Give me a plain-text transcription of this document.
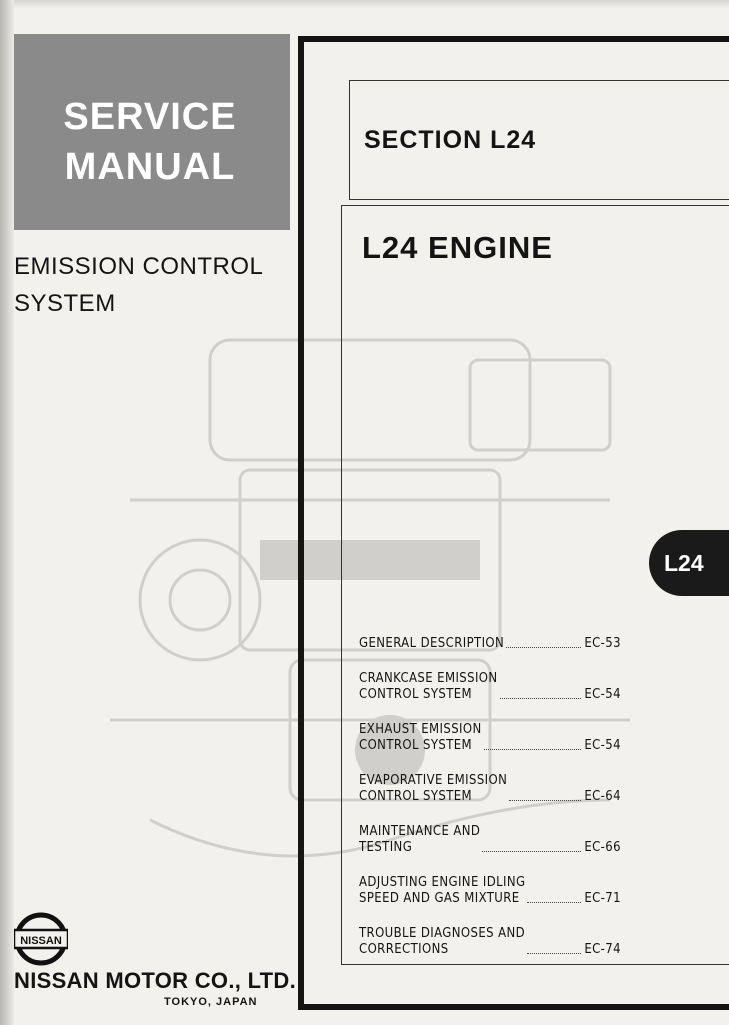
SERVICE
MANUAL
EMISSION CONTROL
SYSTEM
NISSAN
NISSAN MOTOR CO., LTD.
TOKYO, JAPAN
SECTION L24
L24 ENGINE
L24
GENERAL DESCRIPTION	EC-53
CRANKCASE EMISSION
CONTROL SYSTEM	EC-54
EXHAUST EMISSION
CONTROL SYSTEM	EC-54
EVAPORATIVE EMISSION
CONTROL SYSTEM	EC-64
MAINTENANCE AND
TESTING	EC-66
ADJUSTING ENGINE IDLING
SPEED AND GAS MIXTURE	EC-71
TROUBLE DIAGNOSES AND
CORRECTIONS	EC-74
